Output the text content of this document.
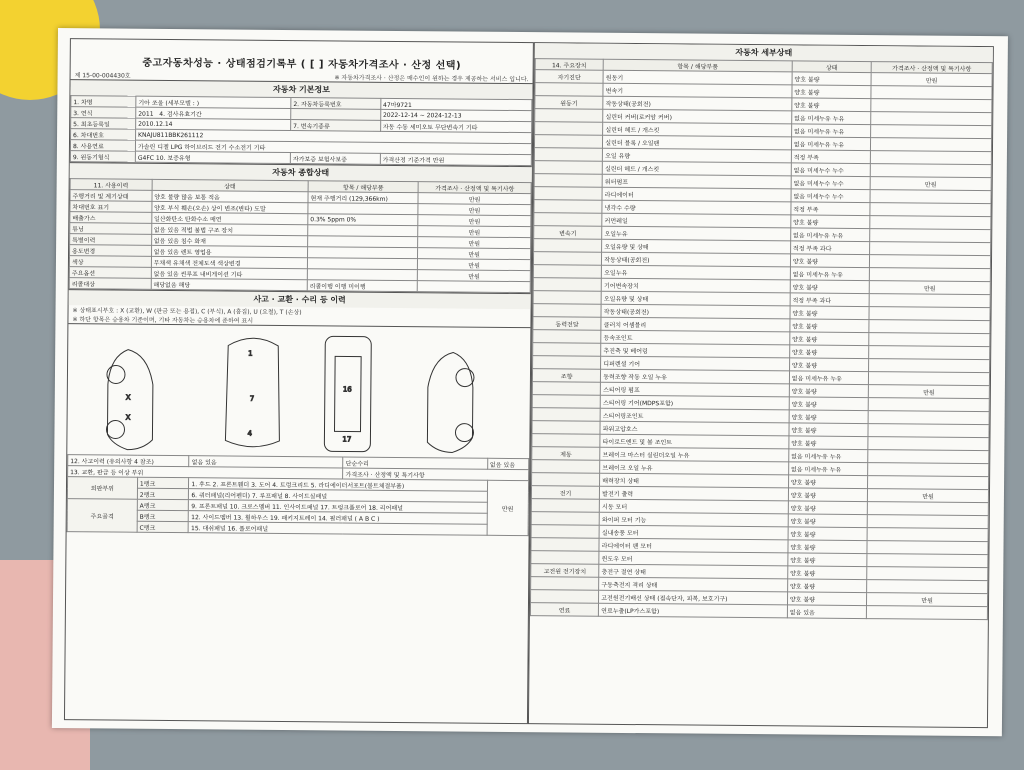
중고자동차성능 · 상태점검기록부 ( [ ] 자동차가격조사 · 산정 선택)
제 15-00-004430호	※ 자동차가격조사 · 산정은 매수인이 원하는 경우 제공하는 서비스 입니다.
자동차 기본정보
1. 차명	기아 쏘울 (세부모델 : )	2. 자동차등록번호	47마9721
3. 연식	2011 4. 검사유효기간		2022-12-14 ~ 2024-12-13
5. 최초등록일	2010.12.14	7. 변속기종류	자동 수동 세미오토 무단변속기 기타
6. 차대번호	KNAJU811BBK261112		
8. 사용연료	가솔린 디젤 LPG 하이브리드 전기 수소전기 기타		
9. 원동기형식	G4FC 10. 보증유형	자가보증 보험사보증	가격산정 기준가격 만원
자동차 종합상태
11. 사용이력	상태	항목 / 해당부품	가격조사 · 산정액 및 특기사항
주행거리 및 계기상태	양호 불량 많음 보통 적음	현재 주행거리 (129,366km)	만원
차대번호 표기	양호 부식 훼손(오손) 상이 변조(변타) 도말		만원
배출가스	일산화탄소 탄화수소 매연	0.3% 5ppm 0%	만원
튜닝	없음 있음 적법 불법 구조 장치		만원
특별이력	없음 있음 침수 화재		만원
용도변경	없음 있음 렌트 영업용		만원
색상	무채색 유채색 전체도색 색상변경		만원
주요옵션	없음 있음 썬루프 내비게이션 기타		만원
리콜대상	해당없음 해당	리콜이행 이행 미이행	
사고 · 교환 · 수리 등 이력
※ 상태표시부호 : X (교환), W (판금 또는 용접), C (부식), A (흠집), U (요철), T (손상)
※ 하단 항목은 승용차 기준이며, 기타 자동차는 승용차에 준하여 표시
X
X
1
7
4
16
17
12. 사고이력 (유의사항 4 참조)		없음 있음	단순수리	없음 있음
13. 교환, 판금 등 이상 부위			가격조사 · 산정액 및 특기사항	
외판부위	1랭크	1. 후드 2. 프론트휀더 3. 도어 4. 트렁크리드 5. 라디에이터서포트(볼트체결부품)		만원
	2랭크	6. 쿼터패널(리어펜더) 7. 루프패널 8. 사이드실패널		
주요골격	A랭크	9. 프론트패널 10. 크로스멤버 11. 인사이드패널 17. 트렁크플로어 18. 리어패널		
	B랭크	12. 사이드멤버 13. 휠하우스 19. 패키지트레이 14. 필러패널 ( A B C )		
	C랭크	15. 대쉬패널 16. 플로어패널		
자동차 세부상태
14. 주요장치	항목 / 해당부품	상태	가격조사 · 산정액 및 특기사항
자기진단	원동기	양호 불량	만원
	변속기	양호 불량	
원동기	작동상태(공회전)	양호 불량	
	실린더 커버(로커암 커버)	없음 미세누유 누유	
	실린더 헤드 / 개스킷	없음 미세누유 누유	
	실린더 블록 / 오일팬	없음 미세누유 누유	
	오일 유량	적정 부족	
	실린더 헤드 / 개스킷	없음 미세누수 누수	
	워터펌프	없음 미세누수 누수	만원
	라디에이터	없음 미세누수 누수	
	냉각수 수량	적정 부족	
	커먼레일	양호 불량	
변속기	오일누유	없음 미세누유 누유	
	오일유량 및 상태	적정 부족 과다	
	작동상태(공회전)	양호 불량	
	오일누유	없음 미세누유 누유	
	기어변속장치	양호 불량	만원
	오일유량 및 상태	적정 부족 과다	
	작동상태(공회전)	양호 불량	
동력전달	클러치 어셈블리	양호 불량	
	등속조인트	양호 불량	
	추진축 및 베어링	양호 불량	
	디퍼렌셜 기어	양호 불량	
조향	동력조향 작동 오일 누유	없음 미세누유 누유	
	스티어링 펌프	양호 불량	만원
	스티어링 기어(MDPS포함)	양호 불량	
	스티어링조인트	양호 불량	
	파워고압호스	양호 불량	
	타이로드엔드 및 볼 조인트	양호 불량	
제동	브레이크 마스터 실린더오일 누유	없음 미세누유 누유	
	브레이크 오일 누유	없음 미세누유 누유	
	배력장치 상태	양호 불량	
전기	발전기 출력	양호 불량	만원
	시동 모터	양호 불량	
	와이퍼 모터 기능	양호 불량	
	실내송풍 모터	양호 불량	
	라디에이터 팬 모터	양호 불량	
	윈도우 모터	양호 불량	
고전원 전기장치	충전구 절연 상태	양호 불량	
	구동축전지 격리 상태	양호 불량	
	고전원전기배선 상태 (접속단자, 피복, 보호기구)	양호 불량	만원
연료	연료누출(LP가스포함)	없음 있음	
